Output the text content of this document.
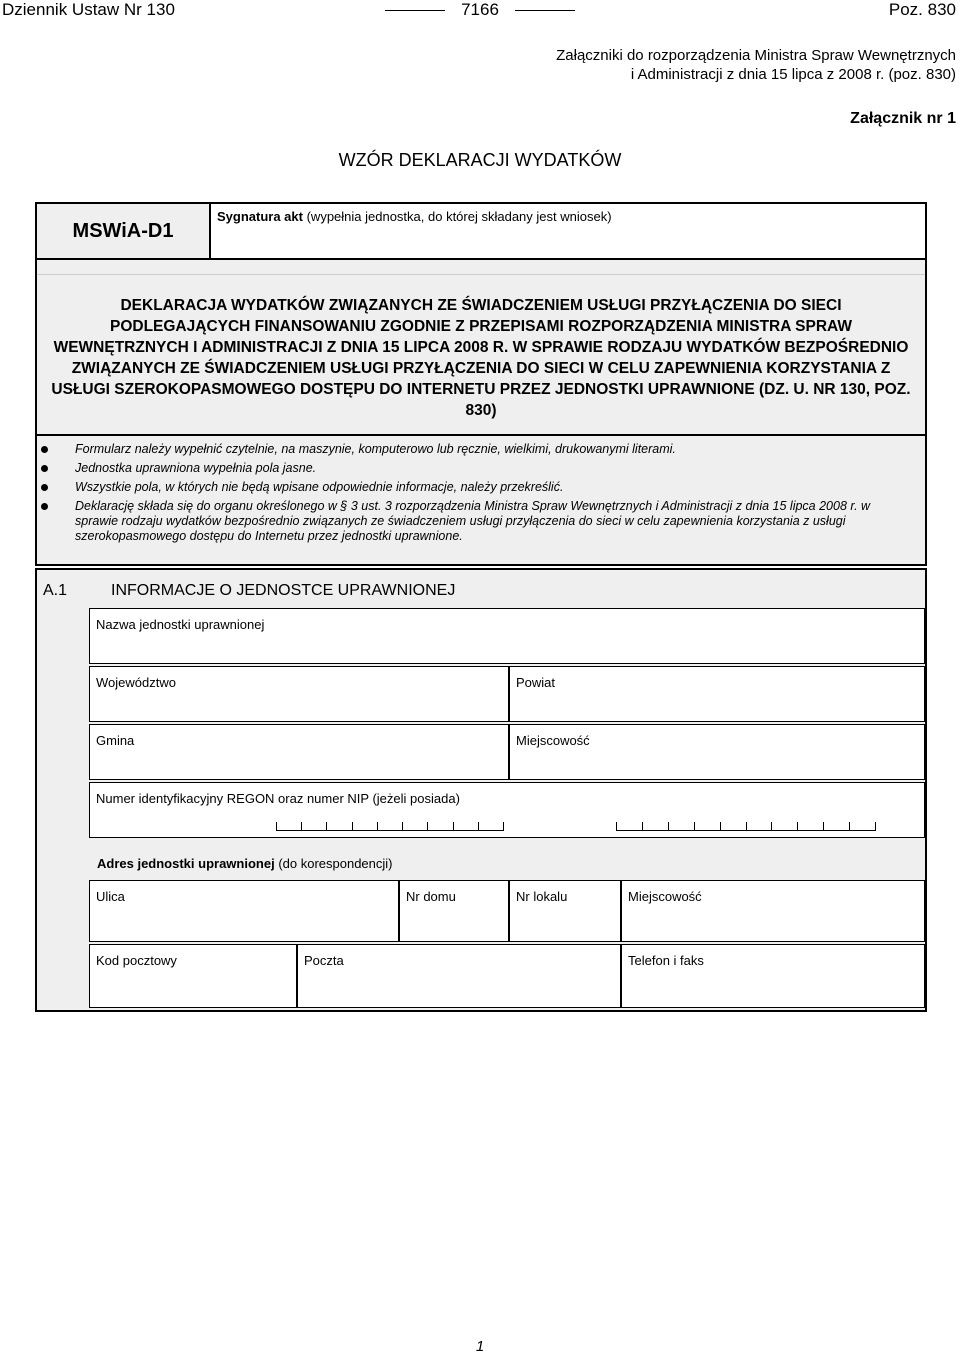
Dziennik Ustaw Nr 130	7166	Poz. 830
Załączniki do rozporządzenia Ministra Spraw Wewnętrznych
i Administracji z dnia 15 lipca z 2008 r. (poz. 830)
Załącznik nr 1
WZÓR DEKLARACJI WYDATKÓW
MSWiA-D1
Sygnatura akt (wypełnia jednostka, do której składany jest wniosek)
DEKLARACJA WYDATKÓW ZWIĄZANYCH ZE ŚWIADCZENIEM USŁUGI PRZYŁĄCZENIA DO SIECI PODLEGAJĄCYCH FINANSOWANIU ZGODNIE Z PRZEPISAMI ROZPORZĄDZENIA MINISTRA SPRAW WEWNĘTRZNYCH I ADMINISTRACJI Z DNIA 15 LIPCA 2008 R. W SPRAWIE RODZAJU WYDATKÓW BEZPOŚREDNIO ZWIĄZANYCH ZE ŚWIADCZENIEM USŁUGI PRZYŁĄCZENIA DO SIECI W CELU ZAPEWNIENIA KORZYSTANIA Z USŁUGI SZEROKOPASMOWEGO DOSTĘPU DO INTERNETU PRZEZ JEDNOSTKI UPRAWNIONE (DZ. U. NR 130, POZ. 830)
Formularz należy wypełnić czytelnie, na maszynie, komputerowo lub ręcznie, wielkimi, drukowanymi literami.
Jednostka uprawniona wypełnia pola jasne.
Wszystkie pola, w których nie będą wpisane odpowiednie informacje, należy przekreślić.
Deklarację składa się do organu określonego w § 3 ust. 3 rozporządzenia Ministra Spraw Wewnętrznych i Administracji z dnia 15 lipca 2008 r. w sprawie rodzaju wydatków bezpośrednio związanych ze świadczeniem usługi przyłączenia do sieci w celu zapewnienia korzystania z usługi szerokopasmowego dostępu do Internetu przez jednostki uprawnione.
A.1	INFORMACJE O JEDNOSTCE UPRAWNIONEJ
Nazwa jednostki uprawnionej
Województwo	Powiat
Gmina	Miejscowość
Numer identyfikacyjny REGON oraz numer NIP (jeżeli posiada)
Adres jednostki uprawnionej (do korespondencji)
Ulica	Nr domu	Nr lokalu	Miejscowość
Kod pocztowy	Poczta	Telefon i faks
1
